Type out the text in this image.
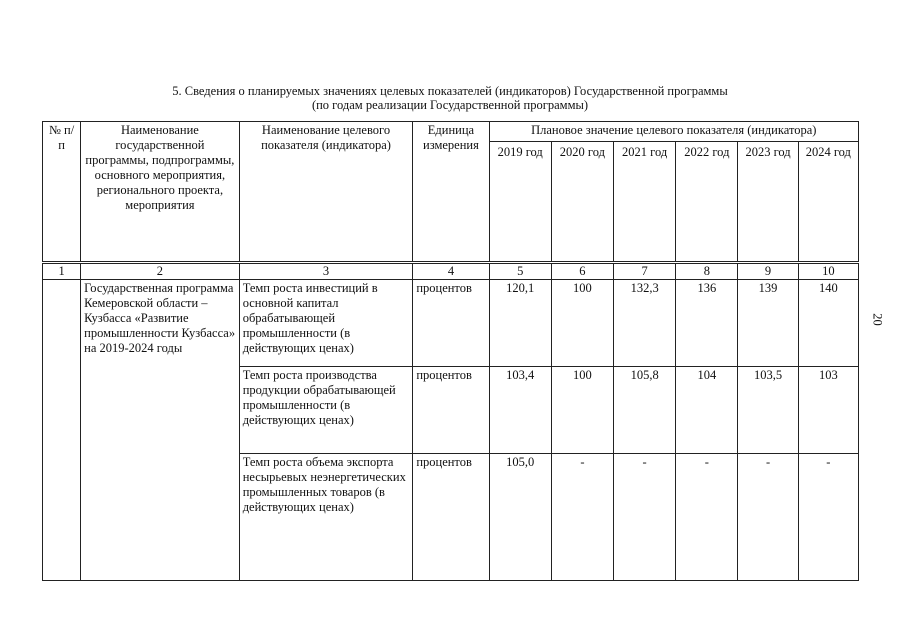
5. Сведения о планируемых значениях целевых показателей (индикаторов) Государственной программы
(по годам реализации Государственной программы)
№ п/п	Наименование государственной программы, подпрограммы, основного мероприятия, регионального проекта, мероприятия	Наименование целевого показателя (индикатора)	Единица измерения	Плановое значение целевого показателя (индикатора)					
				2019 год	2020 год	2021 год	2022 год	2023 год	2024 год
1	2	3	4	5	6	7	8	9	10
	Государственная программа Кемеровской области – Кузбасса «Развитие промышленности Кузбасса» на 2019-2024 годы	Темп роста инвестиций в основной капитал обрабатывающей промышленности (в действующих ценах)	процентов	120,1	100	132,3	136	139	140
		Темп роста производства продукции обрабатывающей промышленности (в действующих ценах)	процентов	103,4	100	105,8	104	103,5	103
		Темп роста объема экспорта несырьевых неэнергетических промышленных товаров (в действующих ценах)	процентов	105,0	-	-	-	-	-
20
